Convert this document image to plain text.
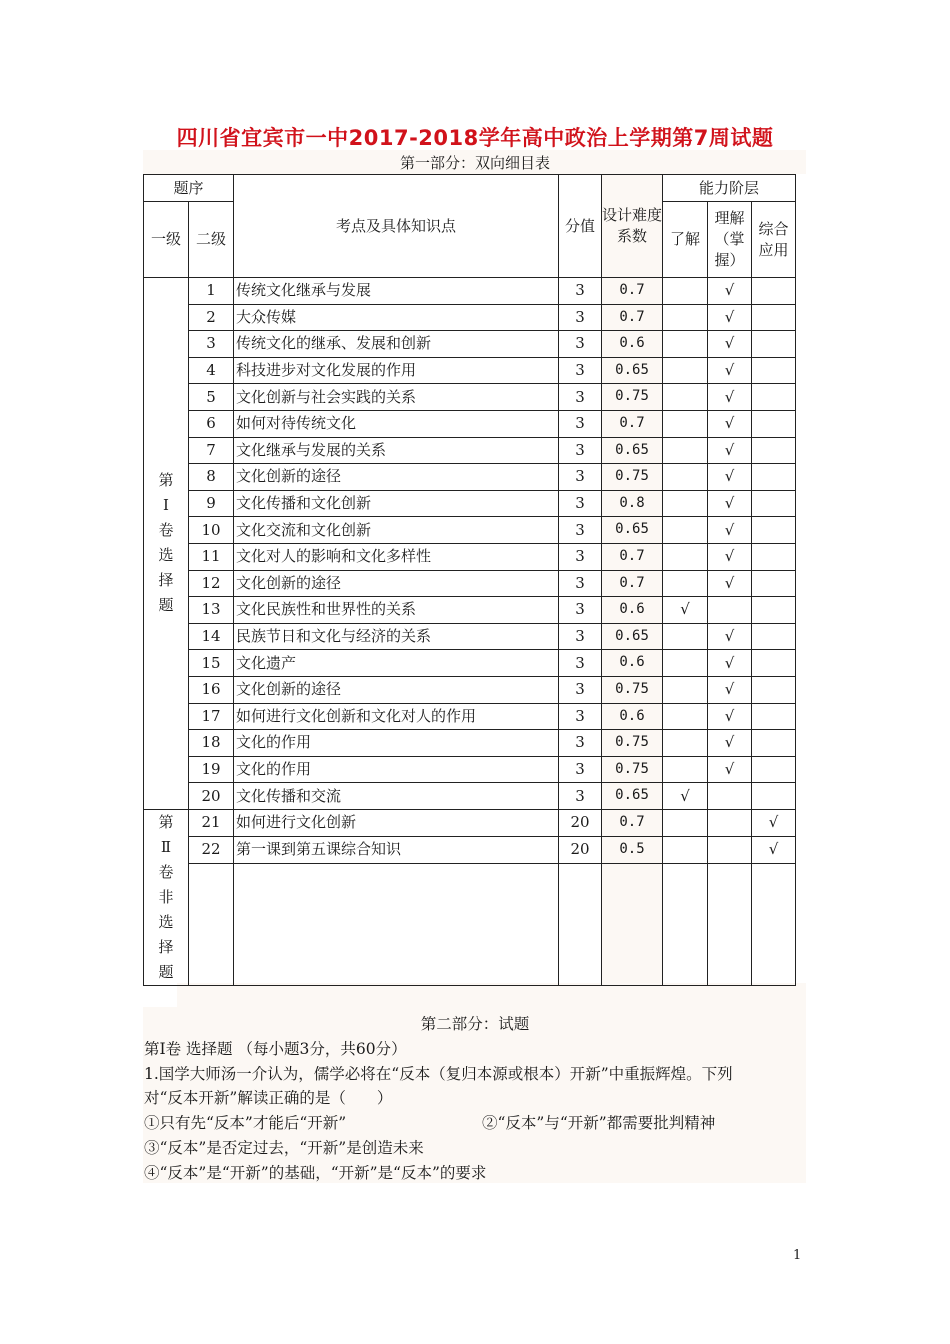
四川省宜宾市一中2017-2018学年高中政治上学期第7周试题
第一部分：双向细目表
题序		考点及具体知识点	分值	设计难度系数	能力阶层		
一级	二级				了解	理解（掌握）	综合应用
第Ⅰ卷选择题	1	传统文化继承与发展	3	0.7		√	
	2	大众传媒	3	0.7		√	
	3	传统文化的继承、发展和创新	3	0.6		√	
	4	科技进步对文化发展的作用	3	0.65		√	
	5	文化创新与社会实践的关系	3	0.75		√	
	6	如何对待传统文化	3	0.7		√	
	7	文化继承与发展的关系	3	0.65		√	
	8	文化创新的途径	3	0.75		√	
	9	文化传播和文化创新	3	0.8		√	
	10	文化交流和文化创新	3	0.65		√	
	11	文化对人的影响和文化多样性	3	0.7		√	
	12	文化创新的途径	3	0.7		√	
	13	文化民族性和世界性的关系	3	0.6	√		
	14	民族节日和文化与经济的关系	3	0.65		√	
	15	文化遗产	3	0.6		√	
	16	文化创新的途径	3	0.75		√	
	17	如何进行文化创新和文化对人的作用	3	0.6		√	
	18	文化的作用	3	0.75		√	
	19	文化的作用	3	0.75		√	
	20	文化传播和交流	3	0.65	√		
第Ⅱ卷非选择题	21	如何进行文化创新	20	0.7			√
	22	第一课到第五课综合知识	20	0.5			√

第二部分：试题
第Ⅰ卷 选择题 （每小题3分，共60分）
1.国学大师汤一介认为，儒学必将在“反本（复归本源或根本）开新”中重振辉煌。下列
对“反本开新”解读正确的是（　　）
①只有先“反本”才能后“开新”	②“反本”与“开新”都需要批判精神
③“反本”是否定过去，“开新”是创造未来
④“反本”是“开新”的基础，“开新”是“反本”的要求
1
